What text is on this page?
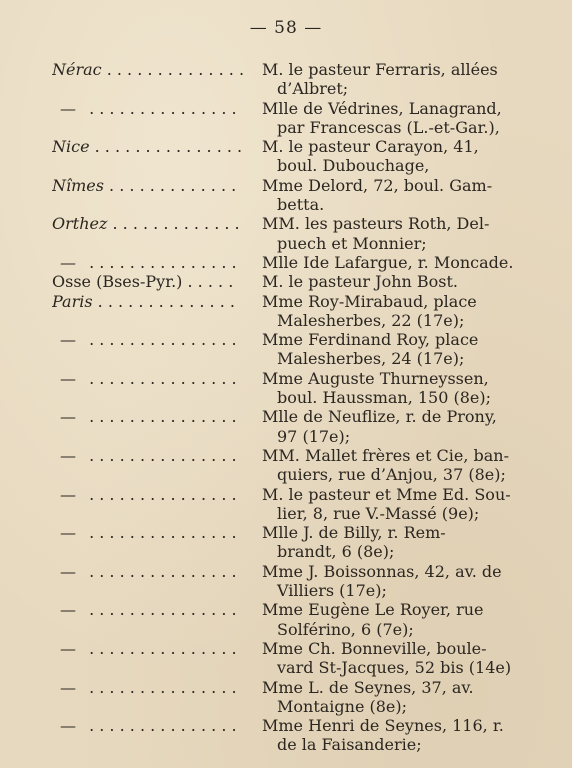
— 58 —
Nérac . . . . . . . . . . . . . . M. le pasteur Ferraris, allées
d’Albret;
— . . . . . . . . . . . . . . .	Mlle de Védrines, Lanagrand,
par Francescas (L.-et-Gar.),
Nice . . . . . . . . . . . . . . .	M. le pasteur Carayon, 41,
boul. Dubouchage,
Nîmes . . . . . . . . . . . . .	Mme Delord, 72, boul. Gam-
betta.
Orthez . . . . . . . . . . . . .	MM. les pasteurs Roth, Del-
puech et Monnier;
— . . . . . . . . . . . . . . .	Mlle Ide Lafargue, r. Moncade.
Osse (Bses-Pyr.) . . . . .	M. le pasteur John Bost.
Paris . . . . . . . . . . . . . .	Mme Roy-Mirabaud, place
Malesherbes, 22 (17e);
— . . . . . . . . . . . . . . .	Mme Ferdinand Roy, place
Malesherbes, 24 (17e);
— . . . . . . . . . . . . . . .	Mme Auguste Thurneyssen,
boul. Haussman, 150 (8e);
— . . . . . . . . . . . . . . .	Mlle de Neuflize, r. de Prony,
97 (17e);
— . . . . . . . . . . . . . . .	MM. Mallet frères et Cie, ban-
quiers, rue d’Anjou, 37 (8e);
— . . . . . . . . . . . . . . .	M. le pasteur et Mme Ed. Sou-
lier, 8, rue V.-Massé (9e);
— . . . . . . . . . . . . . . .	Mlle J. de Billy, r. Rem-
brandt, 6 (8e);
— . . . . . . . . . . . . . . .	Mme J. Boissonnas, 42, av. de
Villiers (17e);
— . . . . . . . . . . . . . . .	Mme Eugène Le Royer, rue
Solférino, 6 (7e);
— . . . . . . . . . . . . . . .	Mme Ch. Bonneville, boule-
vard St-Jacques, 52 bis (14e)
— . . . . . . . . . . . . . . .	Mme L. de Seynes, 37, av.
Montaigne (8e);
— . . . . . . . . . . . . . . .	Mme Henri de Seynes, 116, r.
de la Faisanderie;
